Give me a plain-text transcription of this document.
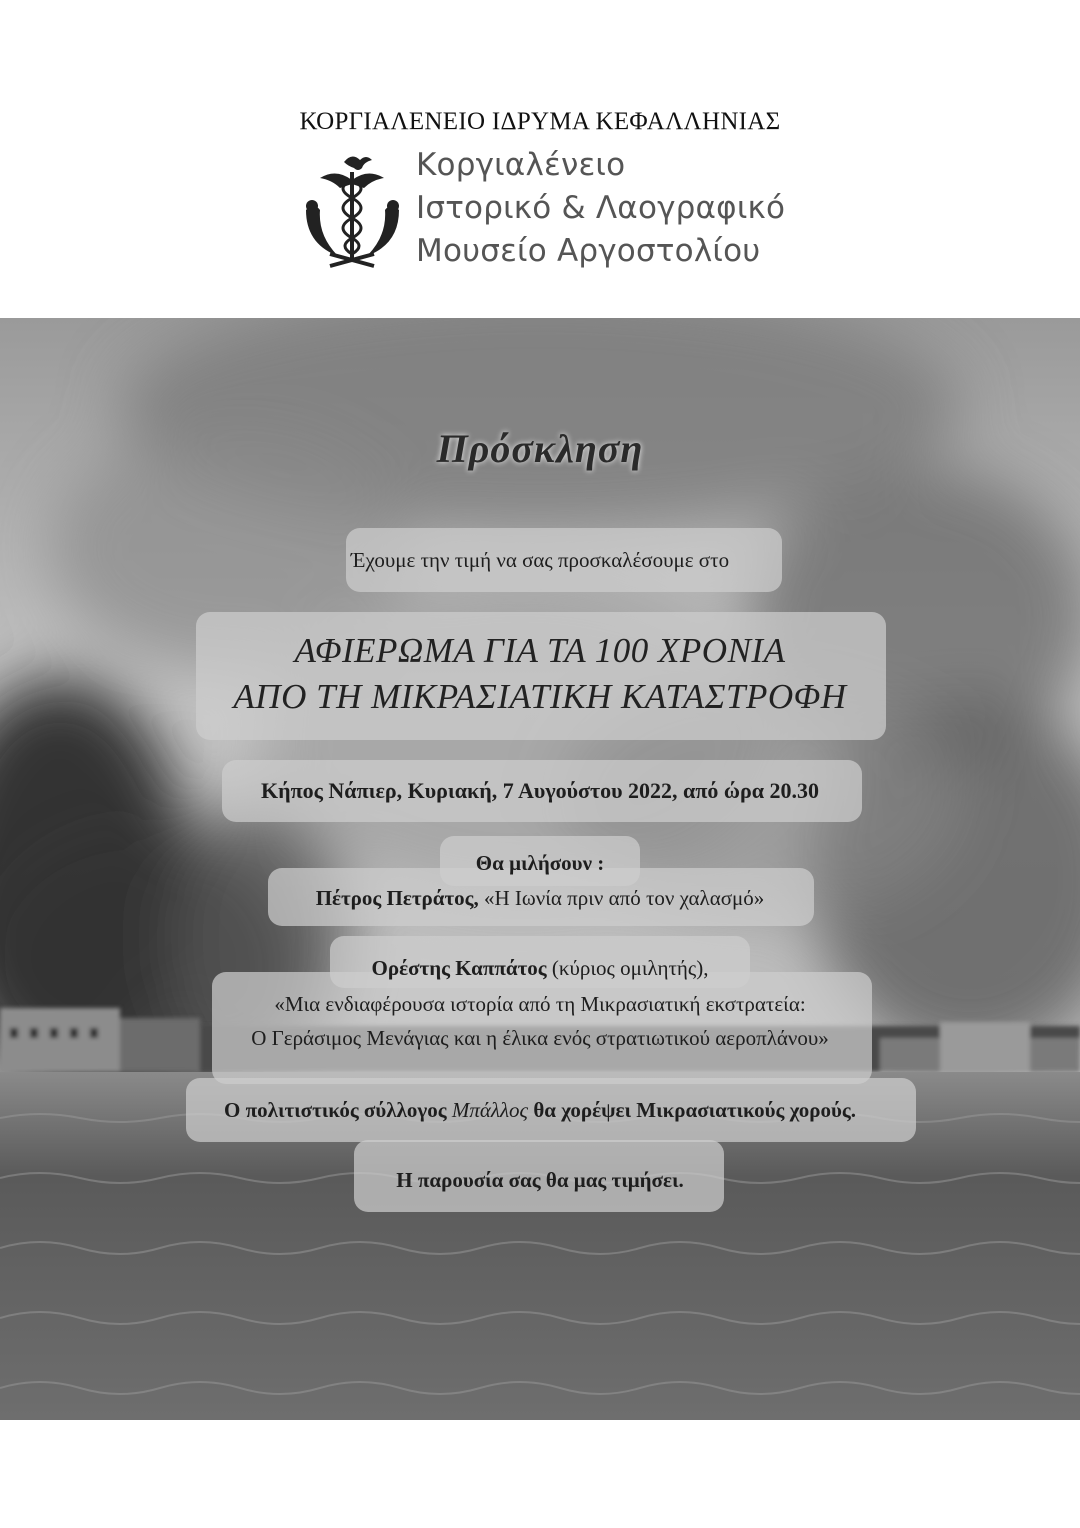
ΚΟΡΓΙΑΛΕΝΕΙΟ ΙΔΡΥΜΑ ΚΕΦΑΛΛΗΝΙΑΣ
Κοργιαλένειο
Ιστορικό & Λαογραφικό
Μουσείο Αργοστολίου
Πρόσκληση
Έχουμε την τιμή να σας προσκαλέσουμε στο
ΑΦΙΕΡΩΜΑ ΓΙΑ ΤΑ 100 ΧΡΟΝΙΑ
ΑΠΟ ΤΗ ΜΙΚΡΑΣΙΑΤΙΚΗ ΚΑΤΑΣΤΡΟΦΗ
Κήπος Νάπιερ, Κυριακή, 7 Αυγούστου 2022, από ώρα 20.30
Θα μιλήσουν :
Πέτρος Πετράτος, «Η Ιωνία πριν από τον χαλασμό»
Ορέστης Καππάτος (κύριος ομιλητής),
«Μια ενδιαφέρουσα ιστορία από τη Μικρασιατική εκστρατεία:
Ο Γεράσιμος Μενάγιας και η έλικα ενός στρατιωτικού αεροπλάνου»
Ο πολιτιστικός σύλλογος Μπάλλος θα χορέψει Μικρασιατικούς χορούς.
Η παρουσία σας θα μας τιμήσει.
